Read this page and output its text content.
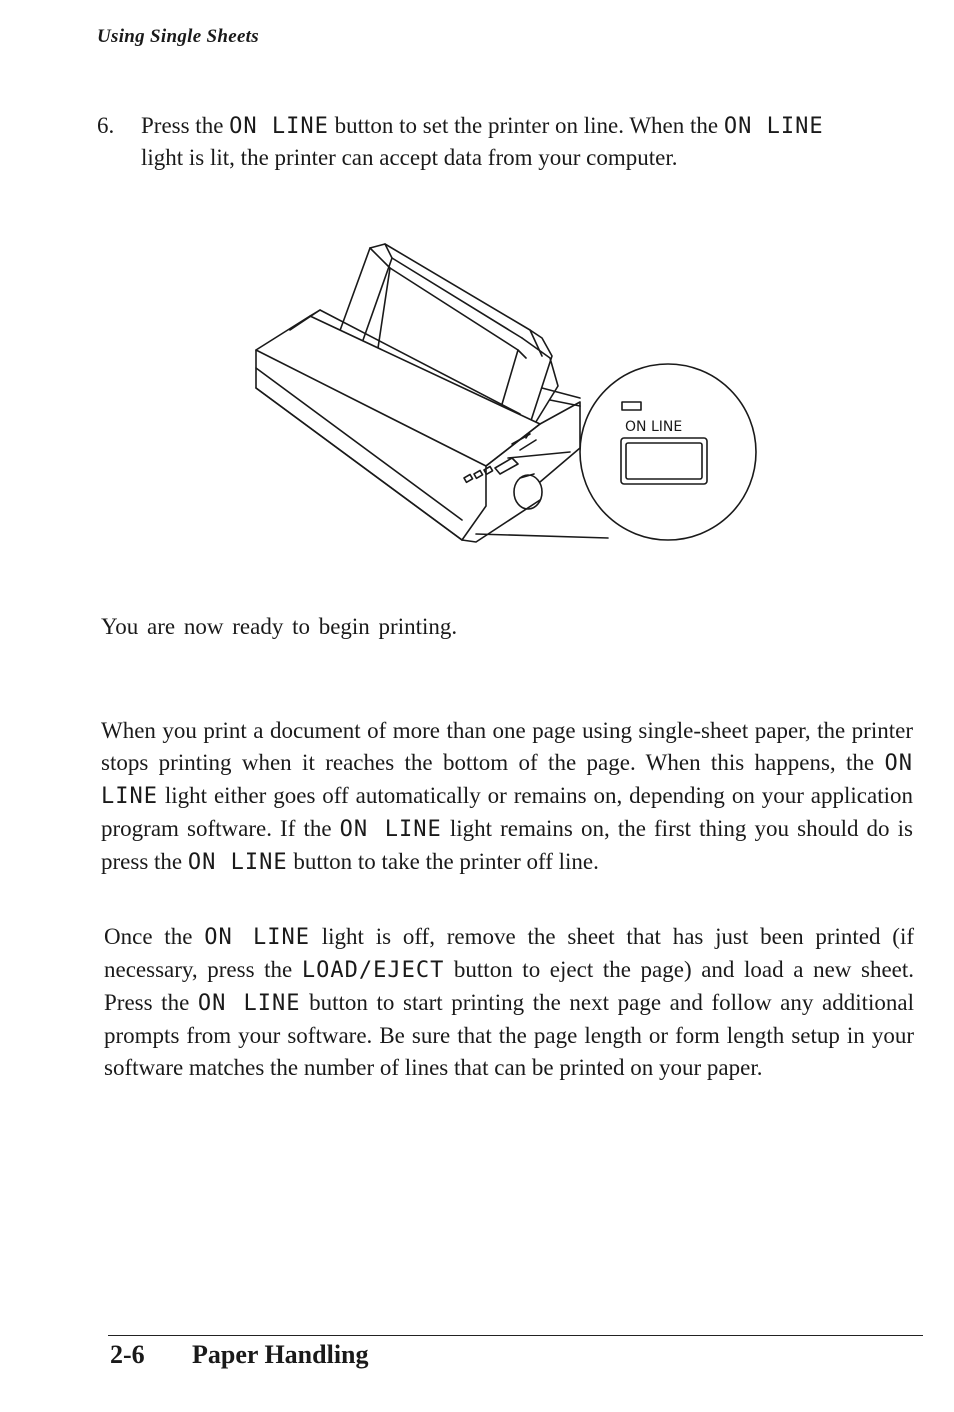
Using Single Sheets
6. Press the ON LINE button to set the printer on line. When the ON LINE light is lit, the printer can accept data from your computer.
ON LINE
You are now ready to begin printing.
When you print a document of more than one page using single-sheet paper, the printer stops printing when it reaches the bottom of the page. When this happens, the ON LINE light either goes off automatically or remains on, depending on your application program software. If the ON LINE light remains on, the first thing you should do is press the ON LINE button to take the printer off line.
Once the ON LINE light is off, remove the sheet that has just been printed (if necessary, press the LOAD/EJECT button to eject the page) and load a new sheet. Press the ON LINE button to start printing the next page and follow any additional prompts from your software. Be sure that the page length or form length setup in your software matches the number of lines that can be printed on your paper.
2-6 Paper Handling
